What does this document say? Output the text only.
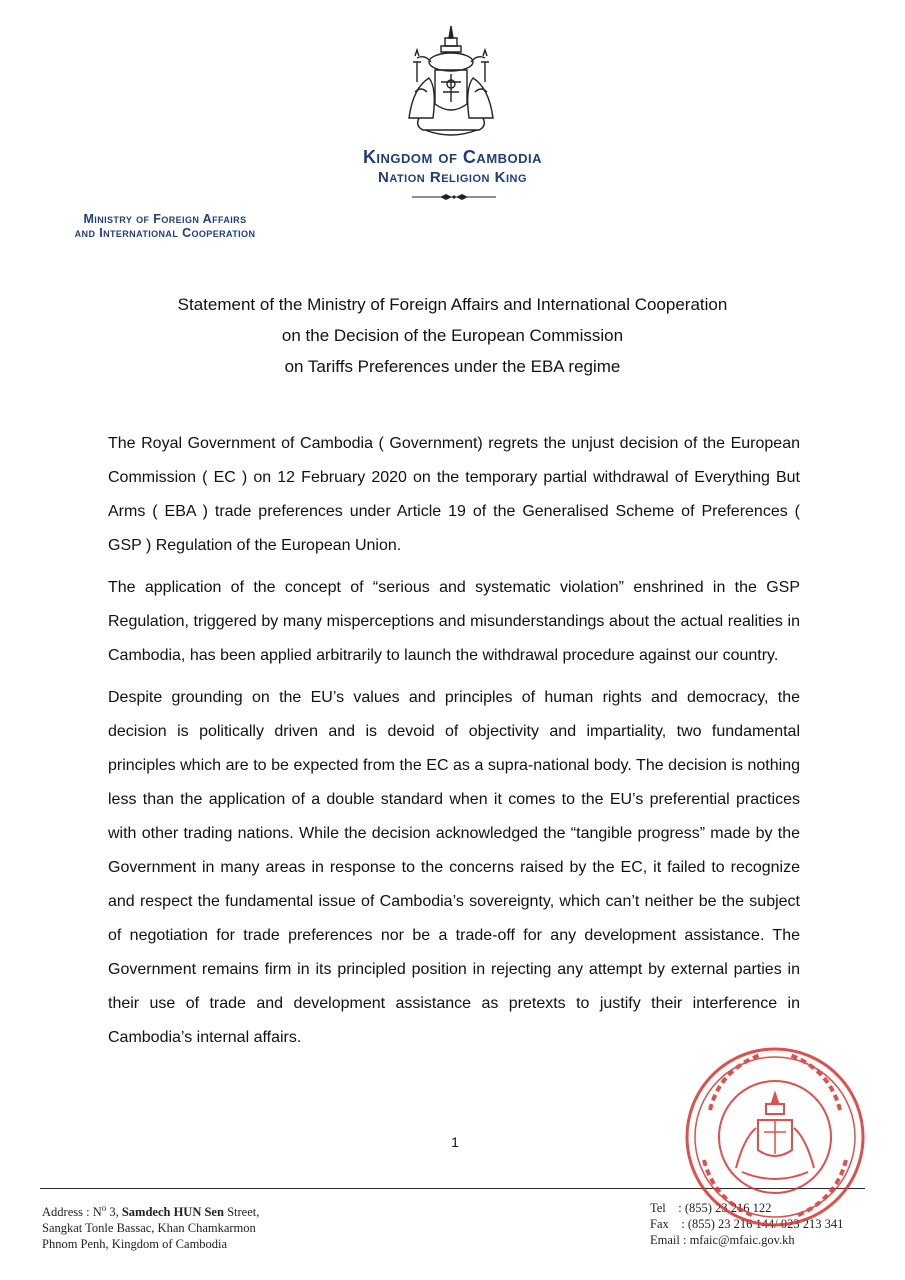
Kingdom of Cambodia
Nation Religion King
Ministry of Foreign Affairs
and International Cooperation
Statement of the Ministry of Foreign Affairs and International Cooperation
on the Decision of the European Commission
on Tariffs Preferences under the EBA regime

The Royal Government of Cambodia ( Government) regrets the unjust decision of the European Commission ( EC ) on 12 February 2020 on the temporary partial withdrawal of Everything But Arms ( EBA ) trade preferences under Article 19 of the Generalised Scheme of Preferences ( GSP ) Regulation of the European Union.

The application of the concept of “serious and systematic violation” enshrined in the GSP Regulation, triggered by many misperceptions and misunderstandings about the actual realities in Cambodia, has been applied arbitrarily to launch the withdrawal procedure against our country.

Despite grounding on the EU’s values and principles of human rights and democracy, the decision is politically driven and is devoid of objectivity and impartiality, two fundamental principles which are to be expected from the EC as a supra-national body. The decision is nothing less than the application of a double standard when it comes to the EU’s preferential practices with other trading nations. While the decision acknowledged the “tangible progress” made by the Government in many areas in response to the concerns raised by the EC, it failed to recognize and respect the fundamental issue of Cambodia’s sovereignty, which can’t neither be the subject of negotiation for trade preferences nor be a trade-off for any development assistance. The Government remains firm in its principled position in rejecting any attempt by external parties in their use of trade and development assistance as pretexts to justify their interference in Cambodia’s internal affairs.

1
Address : $N^o$ 3, Samdech HUN Sen Street,
Sangkat Tonle Bassac, Khan Chamkarmon
Phnom Penh, Kingdom of Cambodia
Tel    : (855) 23 216 122
Fax    : (855) 23 216 144/ 023 213 341
Email : mfaic@mfaic.gov.kh
